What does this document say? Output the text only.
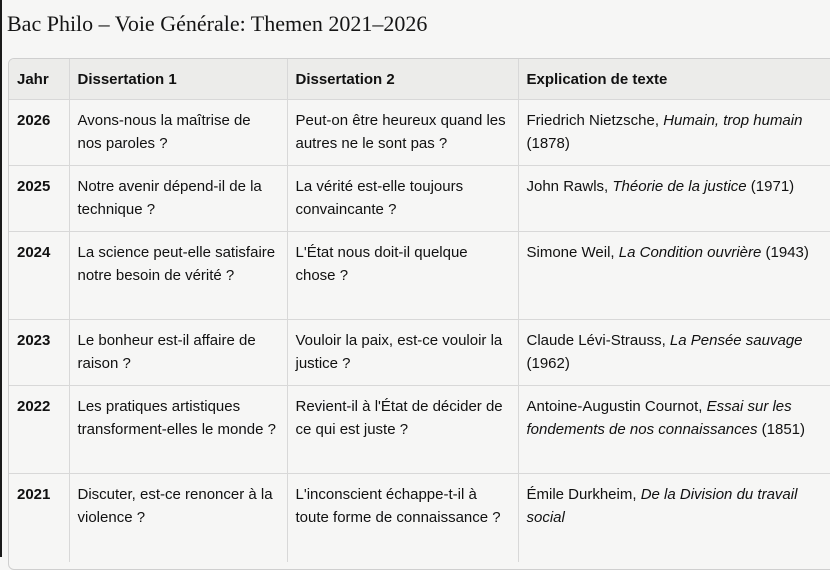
Bac Philo – Voie Générale: Themen 2021–2026
Jahr	Dissertation 1	Dissertation 2	Explication de texte
2026	Avons-nous la maîtrise de nos paroles ?	Peut-on être heureux quand les autres ne le sont pas ?	Friedrich Nietzsche, Humain, trop humain (1878)
2025	Notre avenir dépend-il de la technique ?	La vérité est-elle toujours convaincante ?	John Rawls, Théorie de la justice (1971)
2024	La science peut-elle satisfaire notre besoin de vérité ?	L'État nous doit-il quelque chose ?	Simone Weil, La Condition ouvrière (1943)
2023	Le bonheur est-il affaire de raison ?	Vouloir la paix, est-ce vouloir la justice ?	Claude Lévi-Strauss, La Pensée sauvage (1962)
2022	Les pratiques artistiques transforment-elles le monde ?	Revient-il à l'État de décider de ce qui est juste ?	Antoine-Augustin Cournot, Essai sur les fondements de nos connaissances (1851)
2021	Discuter, est-ce renoncer à la violence ?	L'inconscient échappe-t-il à toute forme de connaissance ?	Émile Durkheim, De la Division du travail social
